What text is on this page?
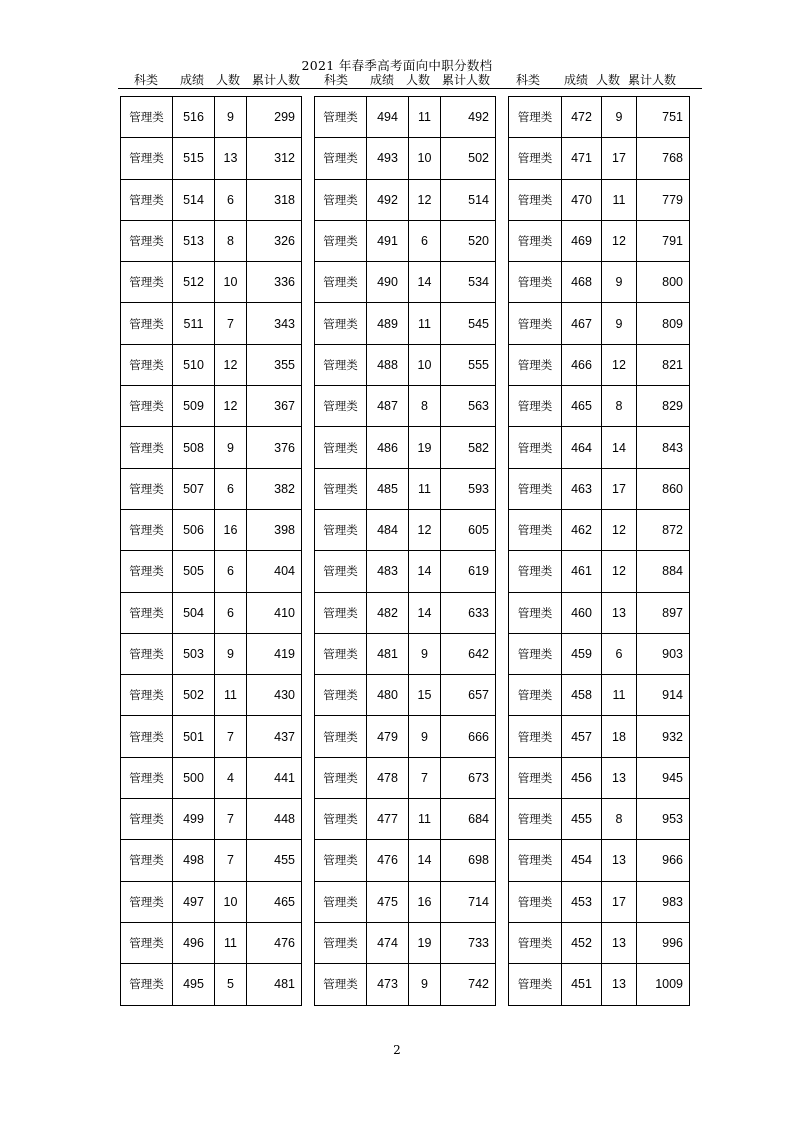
2021 年春季高考面向中职分数档
科类	成绩 人数 累计人数	科类	成绩 人数 累计人数	科类	成绩 人数 累计人数
管理类	516	9	299
管理类	515	13	312
管理类	514	6	318
管理类	513	8	326
管理类	512	10	336
管理类	511	7	343
管理类	510	12	355
管理类	509	12	367
管理类	508	9	376
管理类	507	6	382
管理类	506	16	398
管理类	505	6	404
管理类	504	6	410
管理类	503	9	419
管理类	502	11	430
管理类	501	7	437
管理类	500	4	441
管理类	499	7	448
管理类	498	7	455
管理类	497	10	465
管理类	496	11	476
管理类	495	5	481
管理类	494	11	492
管理类	493	10	502
管理类	492	12	514
管理类	491	6	520
管理类	490	14	534
管理类	489	11	545
管理类	488	10	555
管理类	487	8	563
管理类	486	19	582
管理类	485	11	593
管理类	484	12	605
管理类	483	14	619
管理类	482	14	633
管理类	481	9	642
管理类	480	15	657
管理类	479	9	666
管理类	478	7	673
管理类	477	11	684
管理类	476	14	698
管理类	475	16	714
管理类	474	19	733
管理类	473	9	742
管理类	472	9	751
管理类	471	17	768
管理类	470	11	779
管理类	469	12	791
管理类	468	9	800
管理类	467	9	809
管理类	466	12	821
管理类	465	8	829
管理类	464	14	843
管理类	463	17	860
管理类	462	12	872
管理类	461	12	884
管理类	460	13	897
管理类	459	6	903
管理类	458	11	914
管理类	457	18	932
管理类	456	13	945
管理类	455	8	953
管理类	454	13	966
管理类	453	17	983
管理类	452	13	996
管理类	451	13	1009
2
